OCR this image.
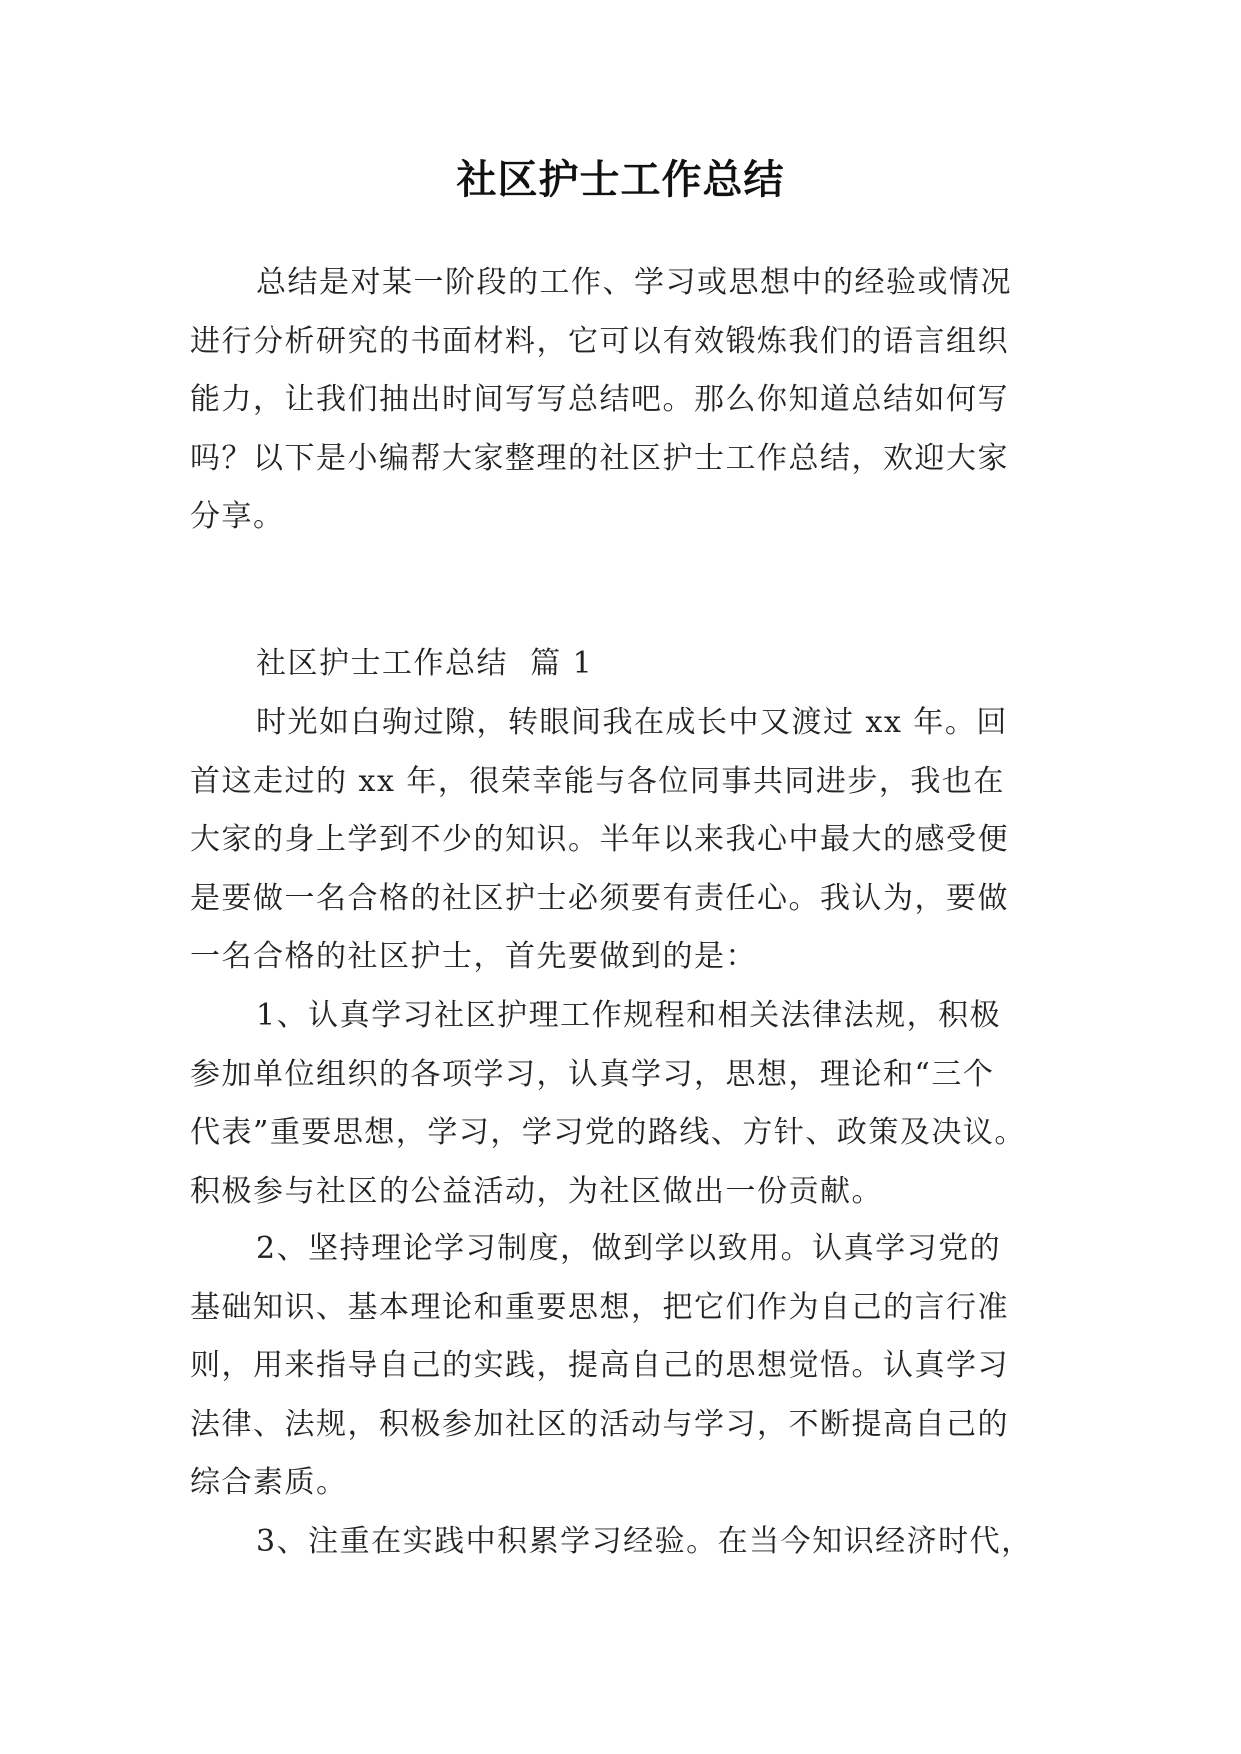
社区护士工作总结
总结是对某一阶段的工作、学习或思想中的经验或情况
进行分析研究的书面材料，它可以有效锻炼我们的语言组织
能力，让我们抽出时间写写总结吧。那么你知道总结如何写
吗？以下是小编帮大家整理的社区护士工作总结，欢迎大家
分享。
社区护士工作总结  篇 1
时光如白驹过隙，转眼间我在成长中又渡过 xx 年。回
首这走过的 xx 年，很荣幸能与各位同事共同进步，我也在
大家的身上学到不少的知识。半年以来我心中最大的感受便
是要做一名合格的社区护士必须要有责任心。我认为，要做
一名合格的社区护士，首先要做到的是：
1、认真学习社区护理工作规程和相关法律法规，积极
参加单位组织的各项学习，认真学习，思想，理论和“三个
代表”重要思想，学习，学习党的路线、方针、政策及决议。
积极参与社区的公益活动，为社区做出一份贡献。
2、坚持理论学习制度，做到学以致用。认真学习党的
基础知识、基本理论和重要思想，把它们作为自己的言行准
则，用来指导自己的实践，提高自己的思想觉悟。认真学习
法律、法规，积极参加社区的活动与学习，不断提高自己的
综合素质。
3、注重在实践中积累学习经验。在当今知识经济时代，
